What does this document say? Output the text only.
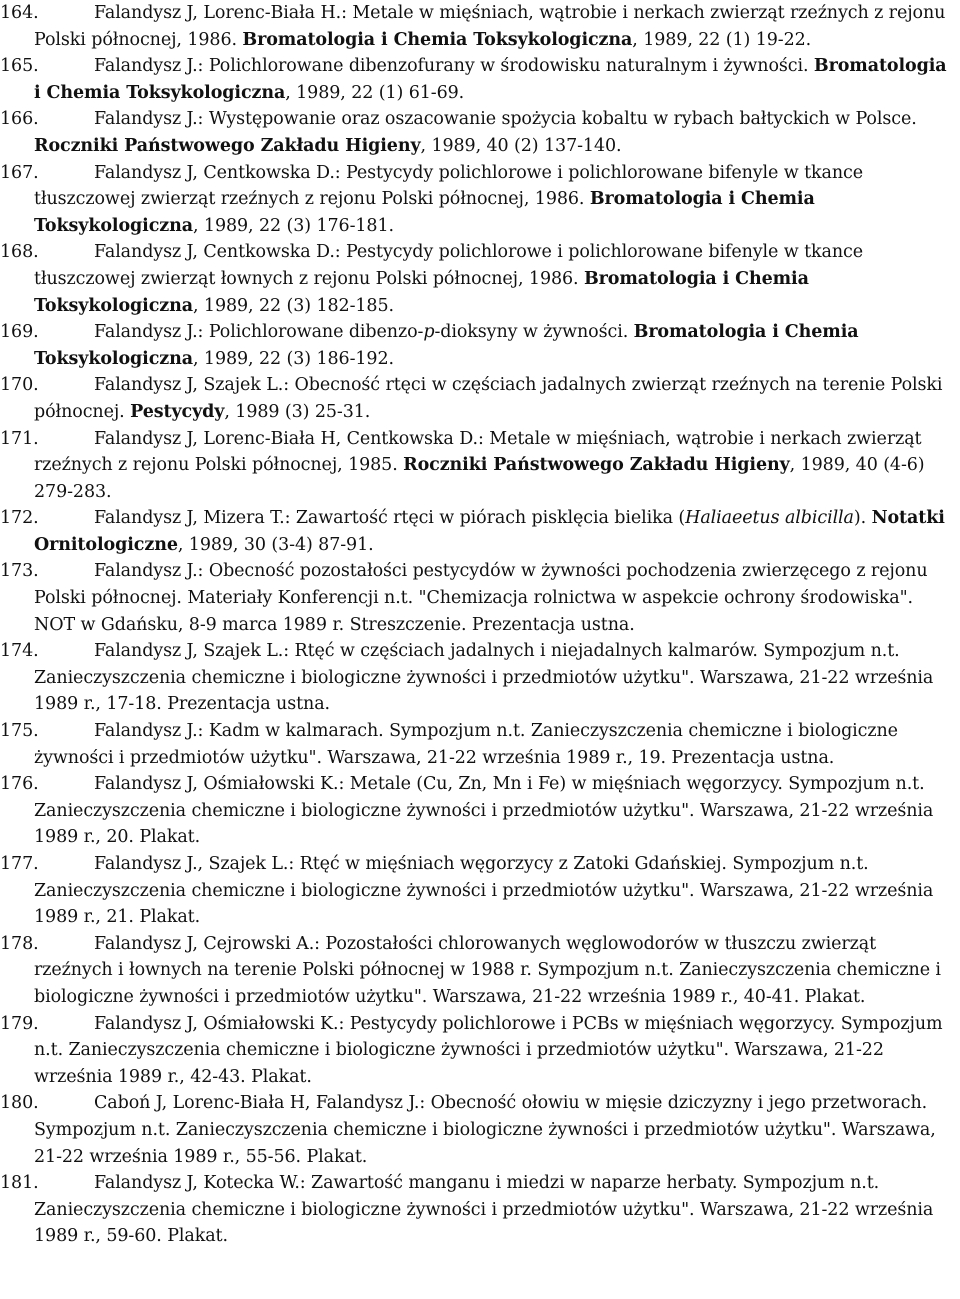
164.	Falandysz J, Lorenc-Biała H.: Metale w mięśniach, wątrobie i nerkach zwierząt rzeźnych z rejonu Polski północnej, 1986. Bromatologia i Chemia Toksykologiczna, 1989, 22 (1) 19-22.

165.	Falandysz J.: Polichlorowane dibenzofurany w środowisku naturalnym i żywności. Bromatologia i Chemia Toksykologiczna, 1989, 22 (1) 61-69.

166.	Falandysz J.: Występowanie oraz oszacowanie spożycia kobaltu w rybach bałtyckich w Polsce. Roczniki Państwowego Zakładu Higieny, 1989, 40 (2) 137-140.

167.	Falandysz J, Centkowska D.: Pestycydy polichlorowe i polichlorowane bifenyle w tkance tłuszczowej zwierząt rzeźnych z rejonu Polski północnej, 1986. Bromatologia i Chemia Toksykologiczna, 1989, 22 (3) 176-181.

168.	Falandysz J, Centkowska D.: Pestycydy polichlorowe i polichlorowane bifenyle w tkance tłuszczowej zwierząt łownych z rejonu Polski północnej, 1986. Bromatologia i Chemia Toksykologiczna, 1989, 22 (3) 182-185.

169.	Falandysz J.: Polichlorowane dibenzo-p-dioksyny w żywności. Bromatologia i Chemia Toksykologiczna, 1989, 22 (3) 186-192.

170.	Falandysz J, Szajek L.: Obecność rtęci w częściach jadalnych zwierząt rzeźnych na terenie Polski północnej. Pestycydy, 1989 (3) 25-31.

171.	Falandysz J, Lorenc-Biała H, Centkowska D.: Metale w mięśniach, wątrobie i nerkach zwierząt rzeźnych z rejonu Polski północnej, 1985. Roczniki Państwowego Zakładu Higieny, 1989, 40 (4-6) 279-283.

172.	Falandysz J, Mizera T.: Zawartość rtęci w piórach pisklęcia bielika (Haliaeetus albicilla). Notatki Ornitologiczne, 1989, 30 (3-4) 87-91.

173.	Falandysz J.: Obecność pozostałości pestycydów w żywności pochodzenia zwierzęcego z rejonu Polski północnej. Materiały Konferencji n.t. "Chemizacja rolnictwa w aspekcie ochrony środowiska". NOT w Gdańsku, 8-9 marca 1989 r. Streszczenie. Prezentacja ustna.

174.	Falandysz J, Szajek L.: Rtęć w częściach jadalnych i niejadalnych kalmarów. Sympozjum n.t. Zanieczyszczenia chemiczne i biologiczne żywności i przedmiotów użytku". Warszawa, 21-22 września 1989 r., 17-18. Prezentacja ustna.

175.	Falandysz J.: Kadm w kalmarach. Sympozjum n.t. Zanieczyszczenia chemiczne i biologiczne żywności i przedmiotów użytku". Warszawa, 21-22 września 1989 r., 19. Prezentacja ustna.

176.	Falandysz J, Ośmiałowski K.: Metale (Cu, Zn, Mn i Fe) w mięśniach węgorzycy. Sympozjum n.t. Zanieczyszczenia chemiczne i biologiczne żywności i przedmiotów użytku". Warszawa, 21-22 września 1989 r., 20. Plakat.

177.	Falandysz J., Szajek L.: Rtęć w mięśniach węgorzycy z Zatoki Gdańskiej. Sympozjum n.t. Zanieczyszczenia chemiczne i biologiczne żywności i przedmiotów użytku". Warszawa, 21-22 września 1989 r., 21. Plakat.

178.	Falandysz J, Cejrowski A.: Pozostałości chlorowanych węglowodorów w tłuszczu zwierząt rzeźnych i łownych na terenie Polski północnej w 1988 r. Sympozjum n.t. Zanieczyszczenia chemiczne i biologiczne żywności i przedmiotów użytku". Warszawa, 21-22 września 1989 r., 40-41. Plakat.

179.	Falandysz J, Ośmiałowski K.: Pestycydy polichlorowe i PCBs w mięśniach węgorzycy. Sympozjum n.t. Zanieczyszczenia chemiczne i biologiczne żywności i przedmiotów użytku". Warszawa, 21-22 września 1989 r., 42-43. Plakat.

180.	Caboń J, Lorenc-Biała H, Falandysz J.: Obecność ołowiu w mięsie dziczyzny i jego przetworach. Sympozjum n.t. Zanieczyszczenia chemiczne i biologiczne żywności i przedmiotów użytku". Warszawa, 21-22 września 1989 r., 55-56. Plakat.

181.	Falandysz J, Kotecka W.: Zawartość manganu i miedzi w naparze herbaty. Sympozjum n.t. Zanieczyszczenia chemiczne i biologiczne żywności i przedmiotów użytku". Warszawa, 21-22 września 1989 r., 59-60. Plakat.
